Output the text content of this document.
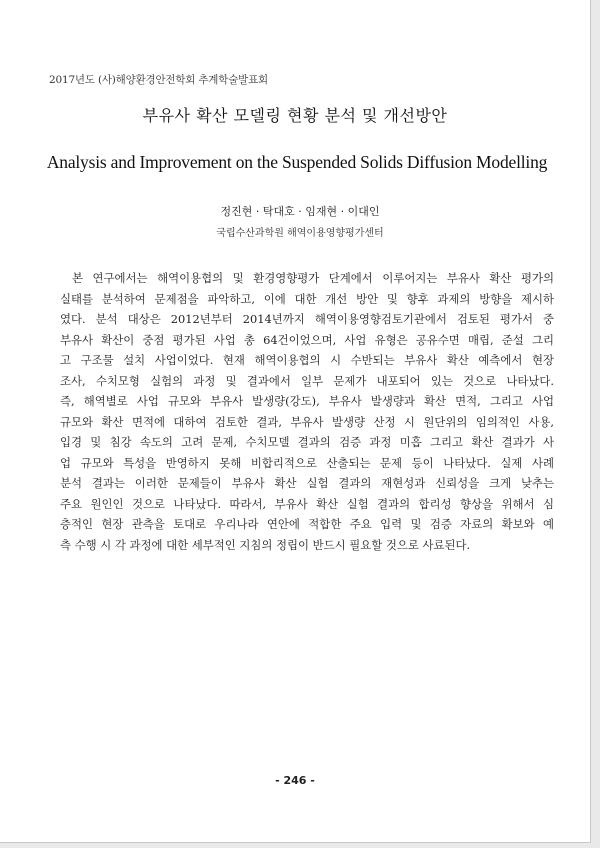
2017년도 (사)해양환경안전학회 추계학술발표회
부유사 확산 모델링 현황 분석 및 개선방안
Analysis and Improvement on the Suspended Solids Diffusion Modelling
정진현 · 탁대호 · 임재현 · 이대인
국립수산과학원 해역이용영향평가센터
본 연구에서는 해역이용협의 및 환경영향평가 단계에서 이루어지는 부유사 확산 평가의
실태를 분석하여 문제점을 파악하고, 이에 대한 개선 방안 및 향후 과제의 방향을 제시하
였다. 분석 대상은 2012년부터 2014년까지 해역이용영향검토기관에서 검토된 평가서 중
부유사 확산이 중점 평가된 사업 총 64건이었으며, 사업 유형은 공유수면 매립, 준설 그리
고 구조물 설치 사업이었다. 현재 해역이용협의 시 수반되는 부유사 확산 예측에서 현장
조사, 수치모형 실험의 과정 및 결과에서 일부 문제가 내포되어 있는 것으로 나타났다.
즉, 해역별로 사업 규모와 부유사 발생량(강도), 부유사 발생량과 확산 면적, 그리고 사업
규모와 확산 면적에 대하여 검토한 결과, 부유사 발생량 산정 시 원단위의 임의적인 사용,
입경 및 침강 속도의 고려 문제, 수치모델 결과의 검증 과정 미흡 그리고 확산 결과가 사
업 규모와 특성을 반영하지 못해 비합리적으로 산출되는 문제 등이 나타났다. 실제 사례
분석 결과는 이러한 문제들이 부유사 확산 실험 결과의 재현성과 신뢰성을 크게 낮추는
주요 원인인 것으로 나타났다. 따라서, 부유사 확산 실험 결과의 합리성 향상을 위해서 심
층적인 현장 관측을 토대로 우리나라 연안에 적합한 주요 입력 및 검증 자료의 확보와 예
측 수행 시 각 과정에 대한 세부적인 지침의 정립이 반드시 필요할 것으로 사료된다.
- 246 -
